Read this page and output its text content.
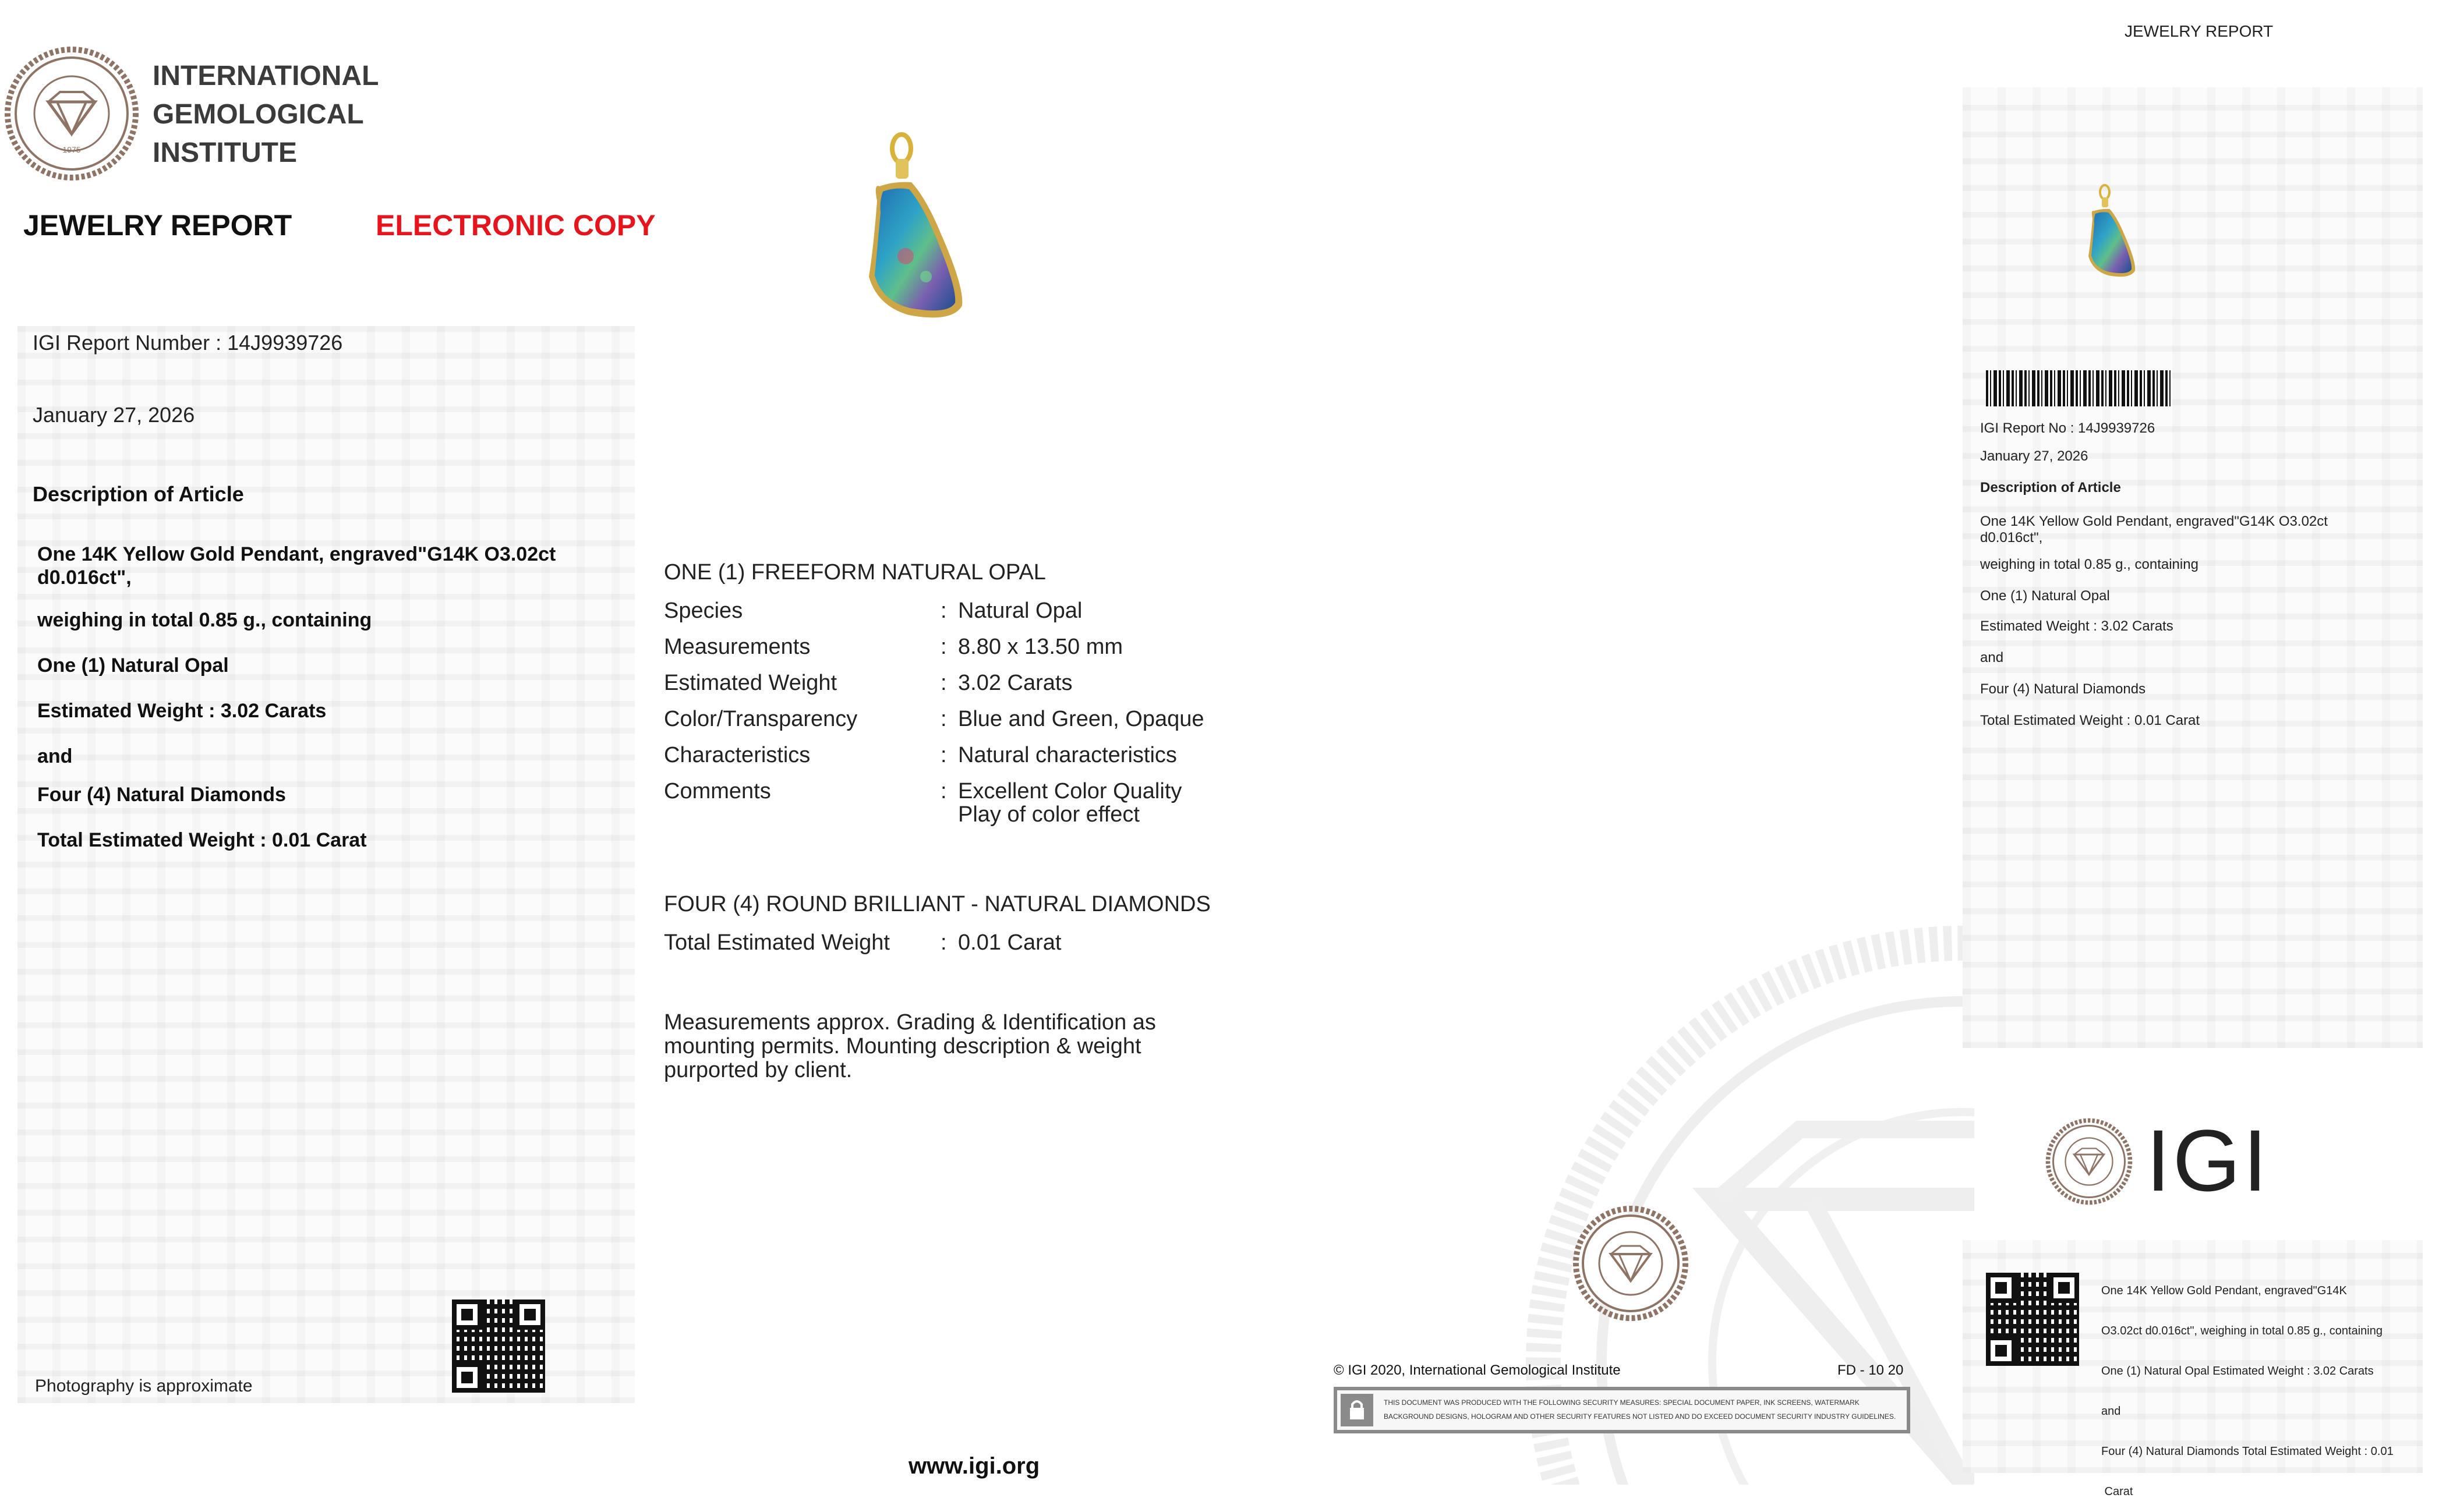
1975
INTERNATIONAL
GEMOLOGICAL
INSTITUTE
JEWELRY REPORT	ELECTRONIC COPY
IGI Report Number : 14J9939726
January 27, 2026
Description of Article
One 14K Yellow Gold Pendant, engraved"G14K O3.02ct d0.016ct",
weighing in total 0.85 g., containing
One (1) Natural Opal
Estimated Weight : 3.02 Carats
and
Four (4) Natural Diamonds
Total Estimated Weight : 0.01 Carat
Photography is approximate
ONE (1) FREEFORM NATURAL OPAL
Species	: Natural Opal
Measurements	: 8.80 x 13.50 mm
Estimated Weight	: 3.02 Carats
Color/Transparency	: Blue and Green, Opaque
Characteristics	: Natural characteristics
Comments	: Excellent Color Quality
Play of color effect
FOUR (4) ROUND BRILLIANT - NATURAL DIAMONDS
Total Estimated Weight : 0.01 Carat
Measurements approx. Grading & Identification as
mounting permits. Mounting description & weight
purported by client.
www.igi.org
© IGI 2020, International Gemological Institute	FD - 10 20
THIS DOCUMENT WAS PRODUCED WITH THE FOLLOWING SECURITY MEASURES: SPECIAL DOCUMENT PAPER, INK SCREENS, WATERMARK
BACKGROUND DESIGNS, HOLOGRAM AND OTHER SECURITY FEATURES NOT LISTED AND DO EXCEED DOCUMENT SECURITY INDUSTRY GUIDELINES.
JEWELRY REPORT
IGI Report No : 14J9939726
January 27, 2026
Description of Article
One 14K Yellow Gold Pendant, engraved"G14K O3.02ct
d0.016ct",
weighing in total 0.85 g., containing
One (1) Natural Opal
Estimated Weight : 3.02 Carats
and
Four (4) Natural Diamonds
Total Estimated Weight : 0.01 Carat
IGI

One 14K Yellow Gold Pendant, engraved"G14K

O3.02ct d0.016ct", weighing in total 0.85 g., containing

One (1) Natural Opal Estimated Weight : 3.02 Carats

and

Four (4) Natural Diamonds Total Estimated Weight : 0.01

Carat
